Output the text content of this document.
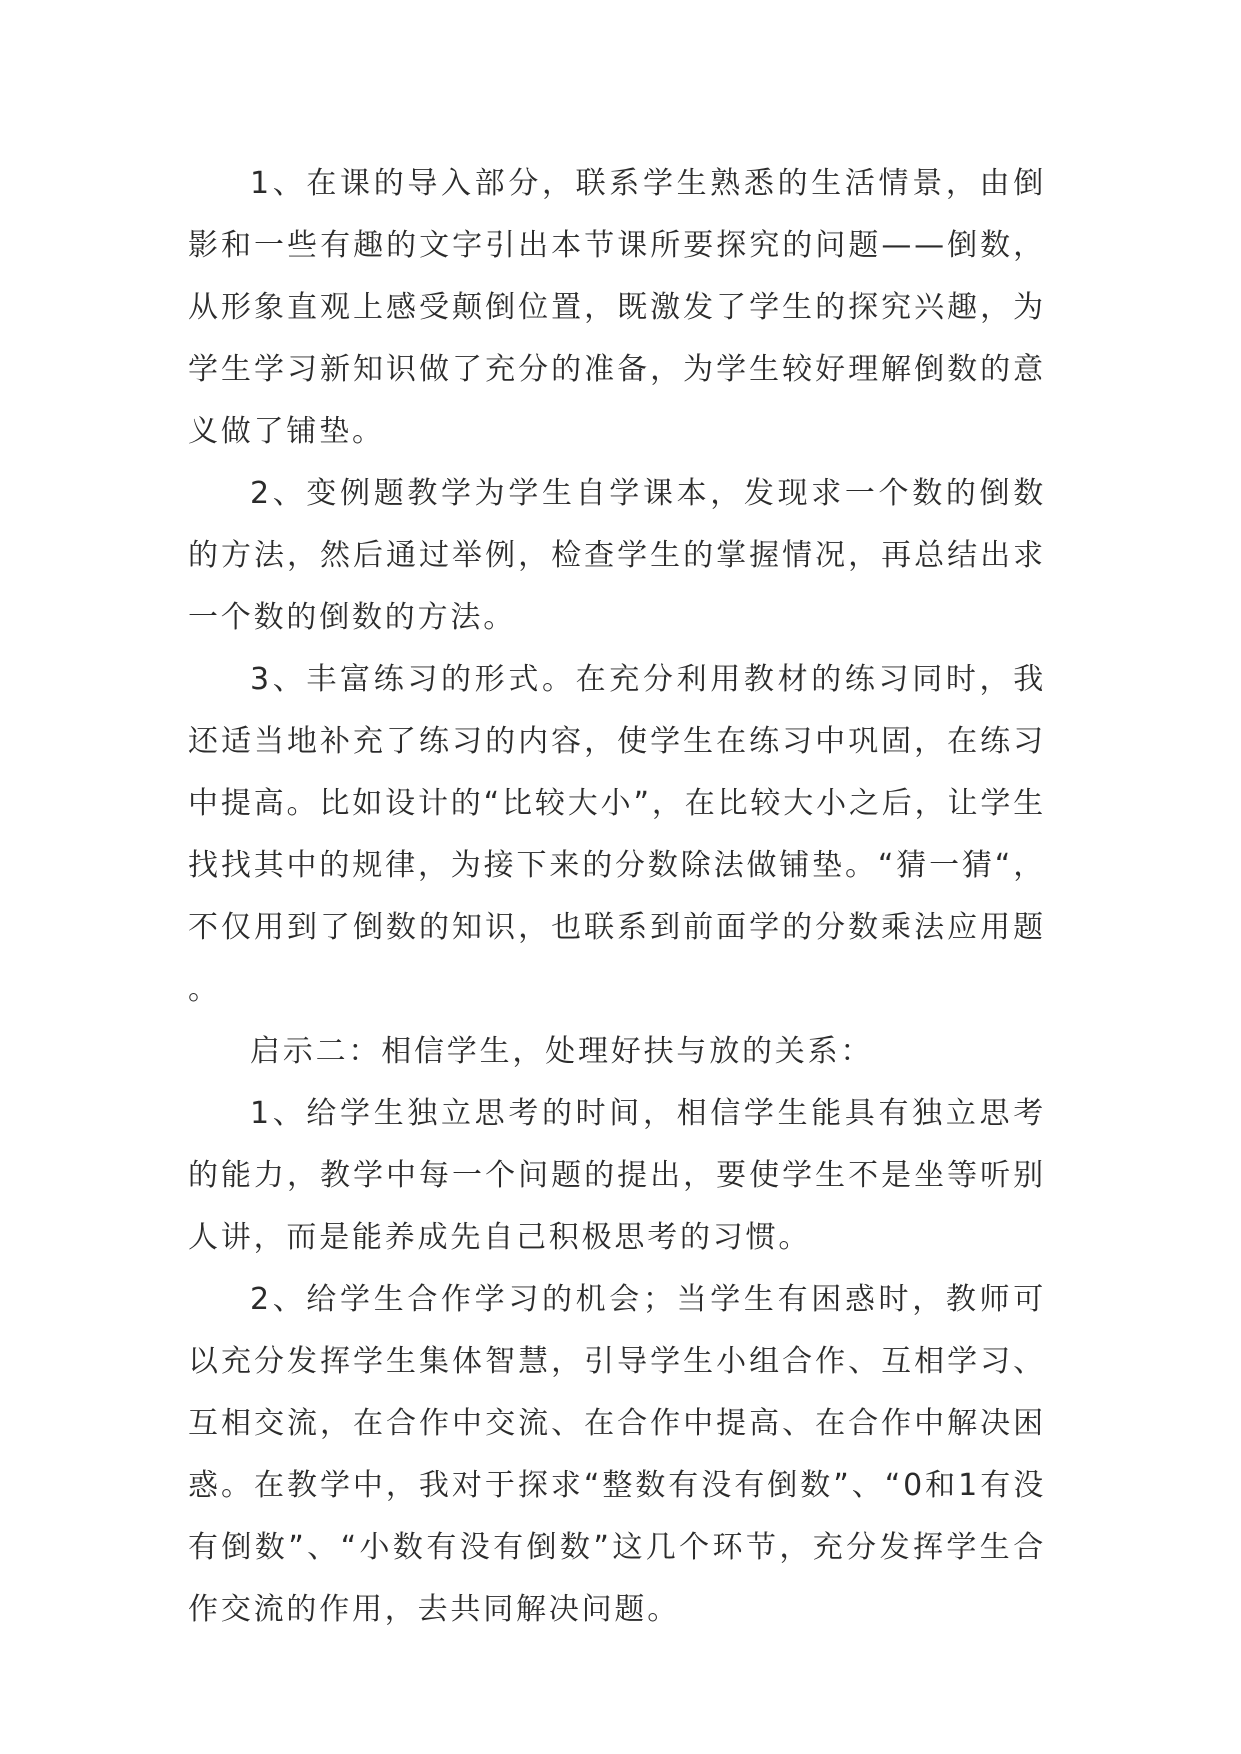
1、在课的导入部分，联系学生熟悉的生活情景，由倒影和一些有趣的文字引出本节课所要探究的问题——倒数，从形象直观上感受颠倒位置，既激发了学生的探究兴趣，为学生学习新知识做了充分的准备，为学生较好理解倒数的意义做了铺垫。

2、变例题教学为学生自学课本，发现求一个数的倒数的方法，然后通过举例，检查学生的掌握情况，再总结出求一个数的倒数的方法。

3、丰富练习的形式。在充分利用教材的练习同时，我还适当地补充了练习的内容，使学生在练习中巩固，在练习中提高。比如设计的“比较大小”，在比较大小之后，让学生找找其中的规律，为接下来的分数除法做铺垫。“猜一猜“，不仅用到了倒数的知识，也联系到前面学的分数乘法应用题。

启示二：相信学生，处理好扶与放的关系：

1、给学生独立思考的时间，相信学生能具有独立思考的能力，教学中每一个问题的提出，要使学生不是坐等听别人讲，而是能养成先自己积极思考的习惯。

2、给学生合作学习的机会；当学生有困惑时，教师可以充分发挥学生集体智慧，引导学生小组合作、互相学习、互相交流，在合作中交流、在合作中提高、在合作中解决困惑。在教学中，我对于探求“整数有没有倒数”、“0和1有没有倒数”、“小数有没有倒数”这几个环节，充分发挥学生合作交流的作用，去共同解决问题。
